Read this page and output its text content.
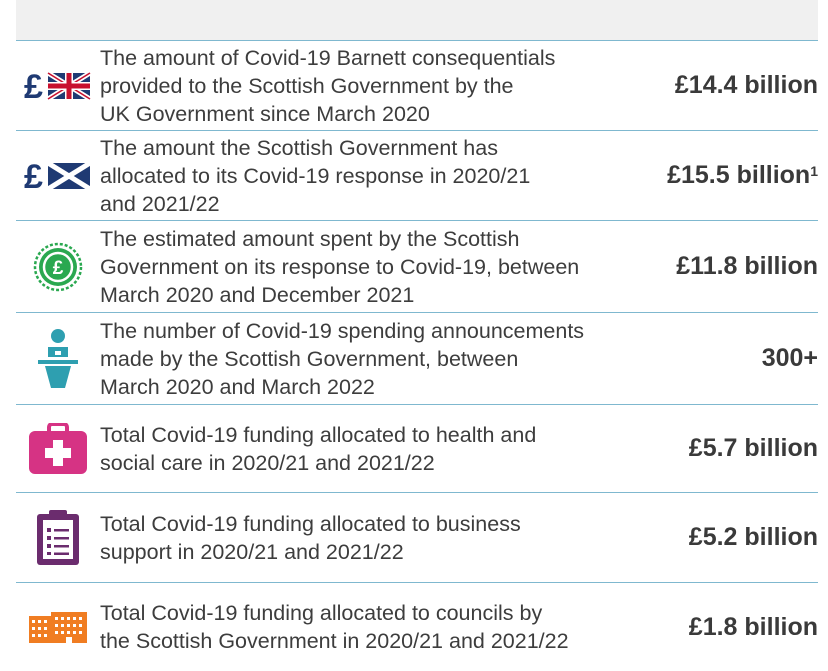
£
The amount of Covid-19 Barnett consequentials
provided to the Scottish Government by the
UK Government since March 2020
£14.4 billion
£
The amount the Scottish Government has
allocated to its Covid-19 response in 2020/21
and 2021/22
£15.5 billion$^1$
£
The estimated amount spent by the Scottish
Government on its response to Covid-19, between
March 2020 and December 2021
£11.8 billion
The number of Covid-19 spending announcements
made by the Scottish Government, between
March 2020 and March 2022
300+
Total Covid-19 funding allocated to health and
social care in 2020/21 and 2021/22
£5.7 billion
Total Covid-19 funding allocated to business
support in 2020/21 and 2021/22
£5.2 billion
Total Covid-19 funding allocated to councils by
the Scottish Government in 2020/21 and 2021/22
£1.8 billion
